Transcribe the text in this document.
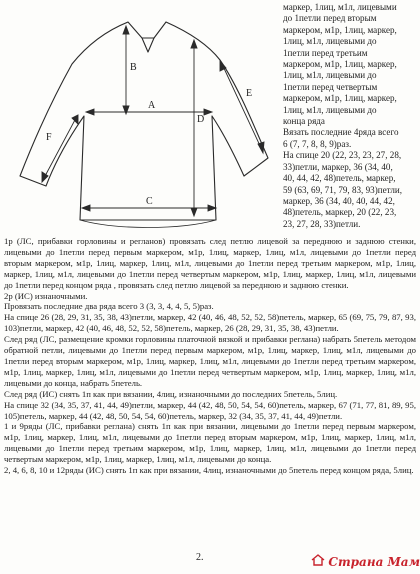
B
A
D
C
E
F
маркер, 1лиц, м1л, лицевыми
до 1петли перед вторым
маркером, м1р, 1лиц, маркер,
1лиц, м1л, лицевыми до
1петли перед третьим
маркером, м1р, 1лиц, маркер,
1лиц, м1л, лицевыми до
1петли перед четвертым
маркером, м1р, 1лиц, маркер,
1лиц, м1л, лицевыми до
конца ряда
Вязать последние 4ряда всего
6 (7, 7, 8, 8, 9)раз.
На спице 20 (22, 23, 23, 27, 28,
33)петли, маркер, 36 (34, 40,
40, 44, 42, 48)петель, маркер,
59 (63, 69, 71, 79, 83, 93)петли,
маркер, 36 (34, 40, 40, 44, 42,
48)петель, маркер, 20 (22, 23,
23, 27, 28, 33)петли.

1р (ЛС, прибавки горловины и регланов) провязать след петлю лицевой за переднюю и заднюю стенки, лицевыми до 1петли перед первым маркером, м1р, 1лиц, маркер, 1лиц, м1л, лицевыми до 1петли перед вторым маркером, м1р, 1лиц, маркер, 1лиц, м1л, лицевыми до 1петли перед третьим маркером, м1р, 1лиц, маркер, 1лиц, м1л, лицевыми до 1петли перед четвертым маркером, м1р, 1лиц, маркер, 1лиц, м1л, лицевыми до 1петли перед концом ряда , провязать след петлю лицевой за переднюю и заднюю стенки.

2р (ИС) изнаночными.

Провязать последние два ряда всего 3 (3, 3, 4, 4, 5, 5)раз.

На спице 26 (28, 29, 31, 35, 38, 43)петли, маркер, 42 (40, 46, 48, 52, 52, 58)петель, маркер, 65 (69, 75, 79, 87, 93, 103)петли, маркер, 42 (40, 46, 48, 52, 52, 58)петель, маркер, 26 (28, 29, 31, 35, 38, 43)петли.

След ряд (ЛС, размещение кромки горловины платочной вязкой и прибавки реглана) набрать 5петель методом обратной петли, лицевыми до 1петли перед первым маркером, м1р, 1лиц, маркер, 1лиц, м1л, лицевыми до 1петли перед вторым маркером, м1р, 1лиц, маркер, 1лиц, м1л, лицевыми до 1петли перед третьим маркером, м1р, 1лиц, маркер, 1лиц, м1л, лицевыми до 1петли перед четвертым маркером, м1р, 1лиц, маркер, 1лиц, м1л, лицевыми до конца, набрать 5петель.

След ряд (ИС) снять 1п как при вязании, 4лиц, изнаночными до последних 5петель, 5лиц.

На спице 32 (34, 35, 37, 41, 44, 49)петли, маркер, 44 (42, 48, 50, 54, 54, 60)петель, маркер, 67 (71, 77, 81, 89, 95, 105)петель, маркер, 44 (42, 48, 50, 54, 54, 60)петель, маркер, 32 (34, 35, 37, 41, 44, 49)петли.

1 и 9ряды (ЛС, прибавки реглана) снять 1п как при вязании, лицевыми до 1петли перед первым маркером, м1р, 1лиц, маркер, 1лиц, м1л, лицевыми до 1петли перед вторым маркером, м1р, 1лиц, маркер, 1лиц, м1л, лицевыми до 1петли перед третьим маркером, м1р, 1лиц, маркер, 1лиц, м1л, лицевыми до 1петли перед четвертым маркером, м1р, 1лиц, маркер, 1лиц, м1л, лицевыми до конца.

2, 4, 6, 8, 10 и 12ряды (ИС) снять 1п как при вязании, 4лиц, изнаночными до 5петель перед концом ряда, 5лиц.

2.	Страна Мам
